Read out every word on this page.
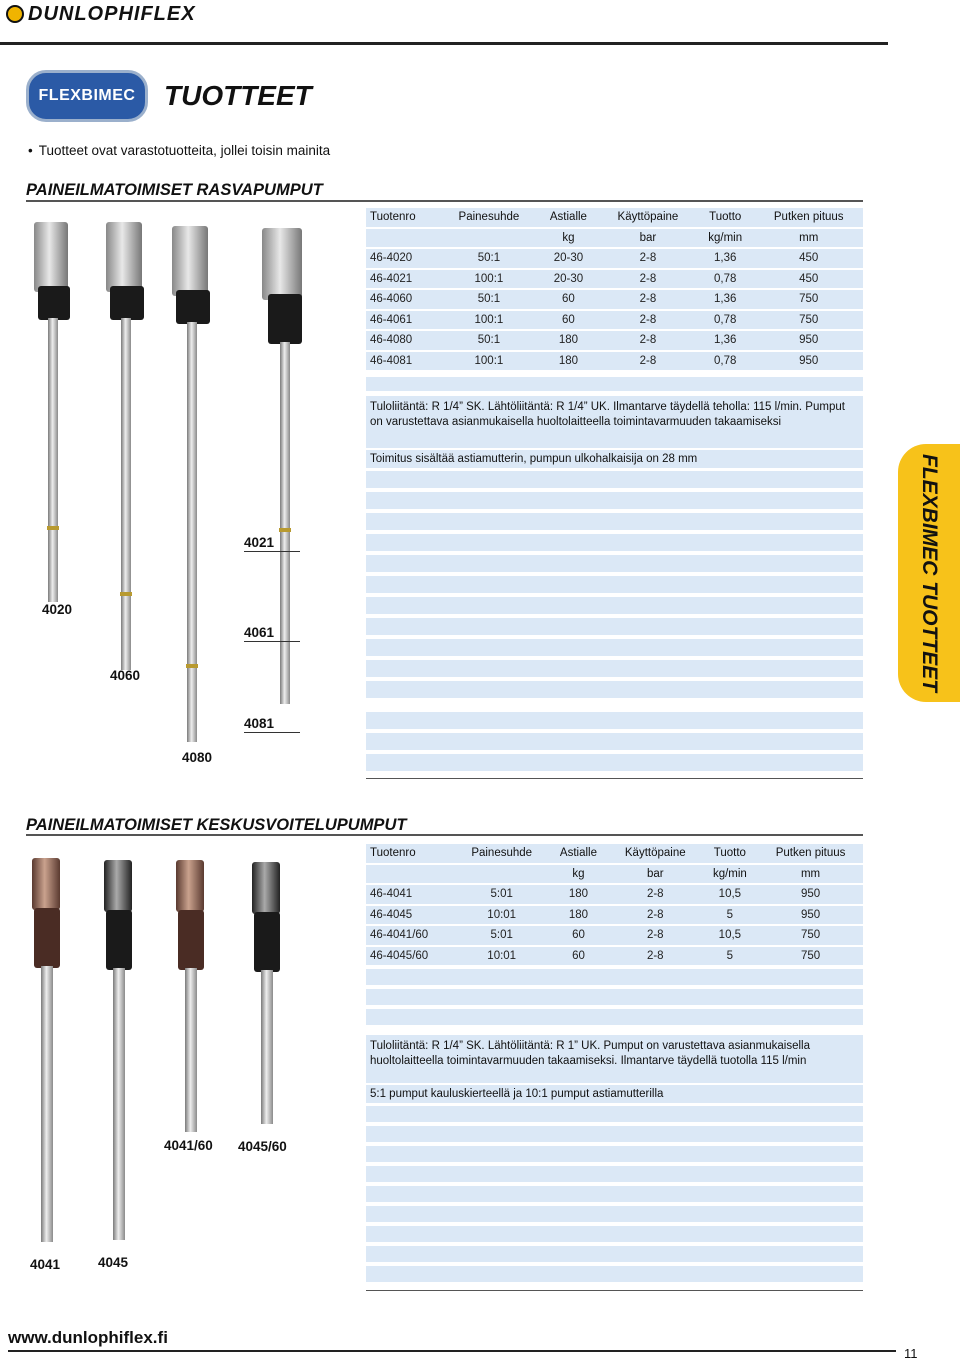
DUNLOPHIFLEX
FLEXBIMEC TUOTTEET
• Tuotteet ovat varastotuotteita, jollei toisin mainita
PAINEILMATOIMISET RASVAPUMPUT
Tuotenro	Painesuhde	Astialle	Käyttöpaine	Tuotto	Putken pituus
		kg	bar	kg/min	mm
46-4020	50:1	20-30	2-8	1,36	450
46-4021	100:1	20-30	2-8	0,78	450
46-4060	50:1	60	2-8	1,36	750
46-4061	100:1	60	2-8	0,78	750
46-4080	50:1	180	2-8	1,36	950
46-4081	100:1	180	2-8	0,78	950
Tuloliitäntä: R 1/4” SK. Lähtöliitäntä: R 1/4” UK. Ilmantarve täydellä teholla: 115 l/min. Pumput on varustettava asianmukaisella huoltolaitteella toimintavarmuuden takaamiseksi
Toimitus sisältää astiamutterin, pumpun ulkohalkaisija on 28 mm
4020
4060
4021
4061
4081
4080
FLEXBIMEC TUOTTEET
PAINEILMATOIMISET KESKUSVOITELUPUMPUT
Tuotenro	Painesuhde	Astialle	Käyttöpaine	Tuotto	Putken pituus
		kg	bar	kg/min	mm
46-4041	5:01	180	2-8	10,5	950
46-4045	10:01	180	2-8	5	950
46-4041/60	5:01	60	2-8	10,5	750
46-4045/60	10:01	60	2-8	5	750
Tuloliitäntä: R 1/4” SK. Lähtöliitäntä: R 1” UK. Pumput on varustettava asianmukaisella huoltolaitteella toimintavarmuuden takaamiseksi. Ilmantarve täydellä tuotolla 115 l/min
5:1 pumput kauluskierteellä ja 10:1 pumput astiamutterilla
4041/60 4045/60
4041	4045
www.dunlophiflex.fi
11
